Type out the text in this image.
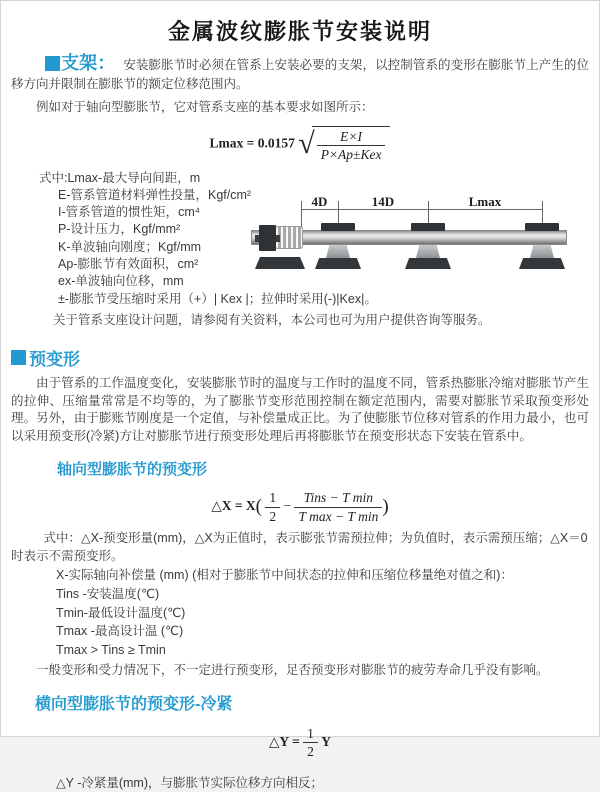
金属波纹膨胀节安装说明

支架： 安装膨胀节时必须在管系上安装必要的支架，以控制管系的变形在膨胀节上产生的位移方向并限制在膨胀节的额定位移范围内。

例如对于轴向型膨胀节，它对管系支座的基本要求如图所示：

Lmax = 0.0157 √ $\frac{E\times I}{\text{P×Ap±Kex}}$
式中:Lmax-最大导向间距，m
E-管系管道材料弹性投量，Kgf/cm²
I-管系管道的惯性矩，cm⁴
P-设计压力，Kgf/mm²
K-单波轴向刚度；Kgf/mm
Ap-膨胀节有效面积，cm²
ex-单波轴向位移，mm
±-膨胀节受压缩时采用（+）| Kex |；拉伸时采用(-)|Kex|。

关于管系支座设计问题，请参阅有关资料，本公司也可为用户提供咨询等服务。

4D	14D	Lmax
预变形

由于管系的工作温度变化，安装膨胀节时的温度与工作时的温度不同，管系热膨胀冷缩对膨胀节产生的拉伸、压缩量常常是不均等的，为了膨胀节变形范围控制在额定范围内，需要对膨胀节采取预变形处理。另外，由于膨账节刚度是一个定值，与补偿量成正比。为了使膨胀节位移对管系的作用力最小，也可以采用预变形(冷紧)方让对膨胀节进行预变形处理后再将膨胀节在预变形状态下安装在管系中。

轴向型膨胀节的预变形
△X = $X( \frac{1}{2} - \frac{\text{Tins − T min}}{\text{T max − T min}}$ )

式中：△X-预变形量(mm)，△X为正值时，表示膨张节需预拉伸；为负值时，表示需预压缩；△X＝0时表示不需预变形。

X-实际轴向补偿量 (mm) (相对于膨胀节中间状态的拉伸和压缩位移量绝对值之和)：

Tins -安装温度(℃)
Tmin-最低设计温度(℃)
Tmax -最高设计温 (℃)
Tmax > Tins ≥ Tmin

一般变形和受力情况下，不一定进行预变形，足否预变形对膨胀节的疲劳寿命几乎没有影响。

横向型膨胀节的预变形-冷紧
△Y = $\frac{1}{2}$ Y

△Y -冷紧量(mm)，与膨胀节实际位移方向相反；
